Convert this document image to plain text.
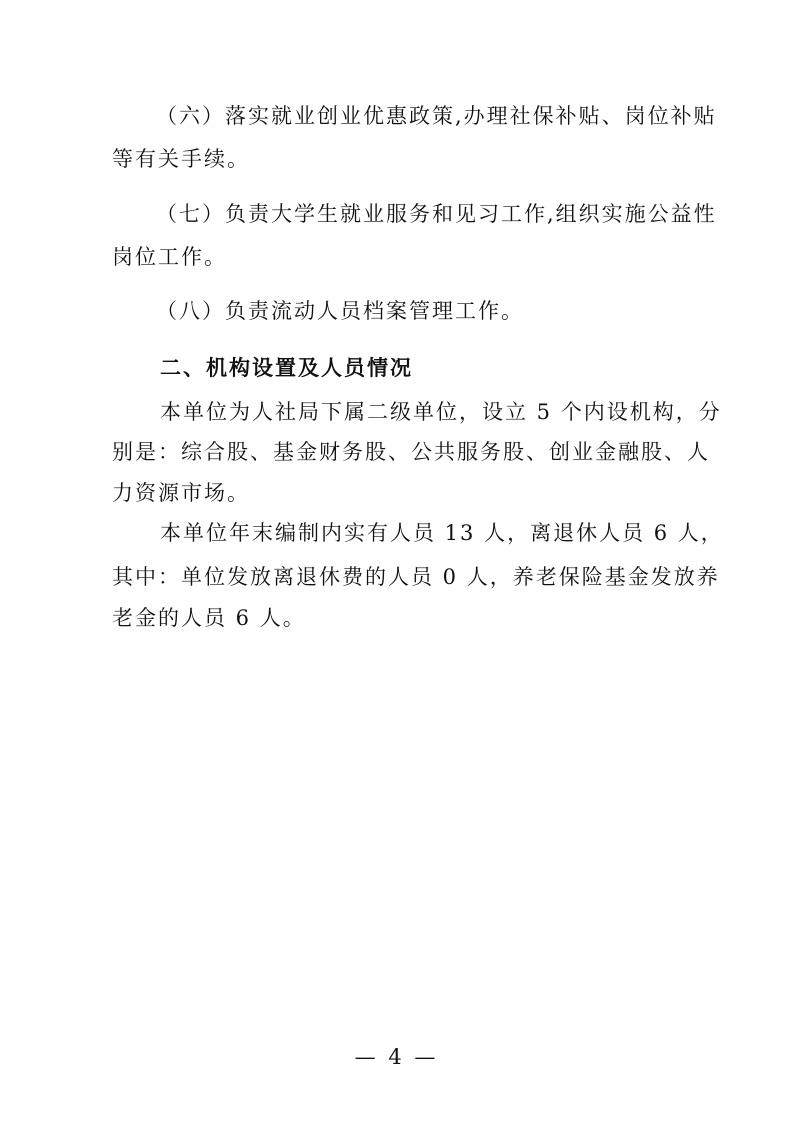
（六）落实就业创业优惠政策,办理社保补贴、岗位补贴
等有关手续。
（七）负责大学生就业服务和见习工作,组织实施公益性
岗位工作。
（八）负责流动人员档案管理工作。
二、机构设置及人员情况
本单位为人社局下属二级单位，设立 5 个内设机构，分
别是：综合股、基金财务股、公共服务股、创业金融股、人
力资源市场。
本单位年末编制内实有人员 13 人，离退休人员 6 人，
其中：单位发放离退休费的人员 0 人，养老保险基金发放养
老金的人员 6 人。
— 4 —
